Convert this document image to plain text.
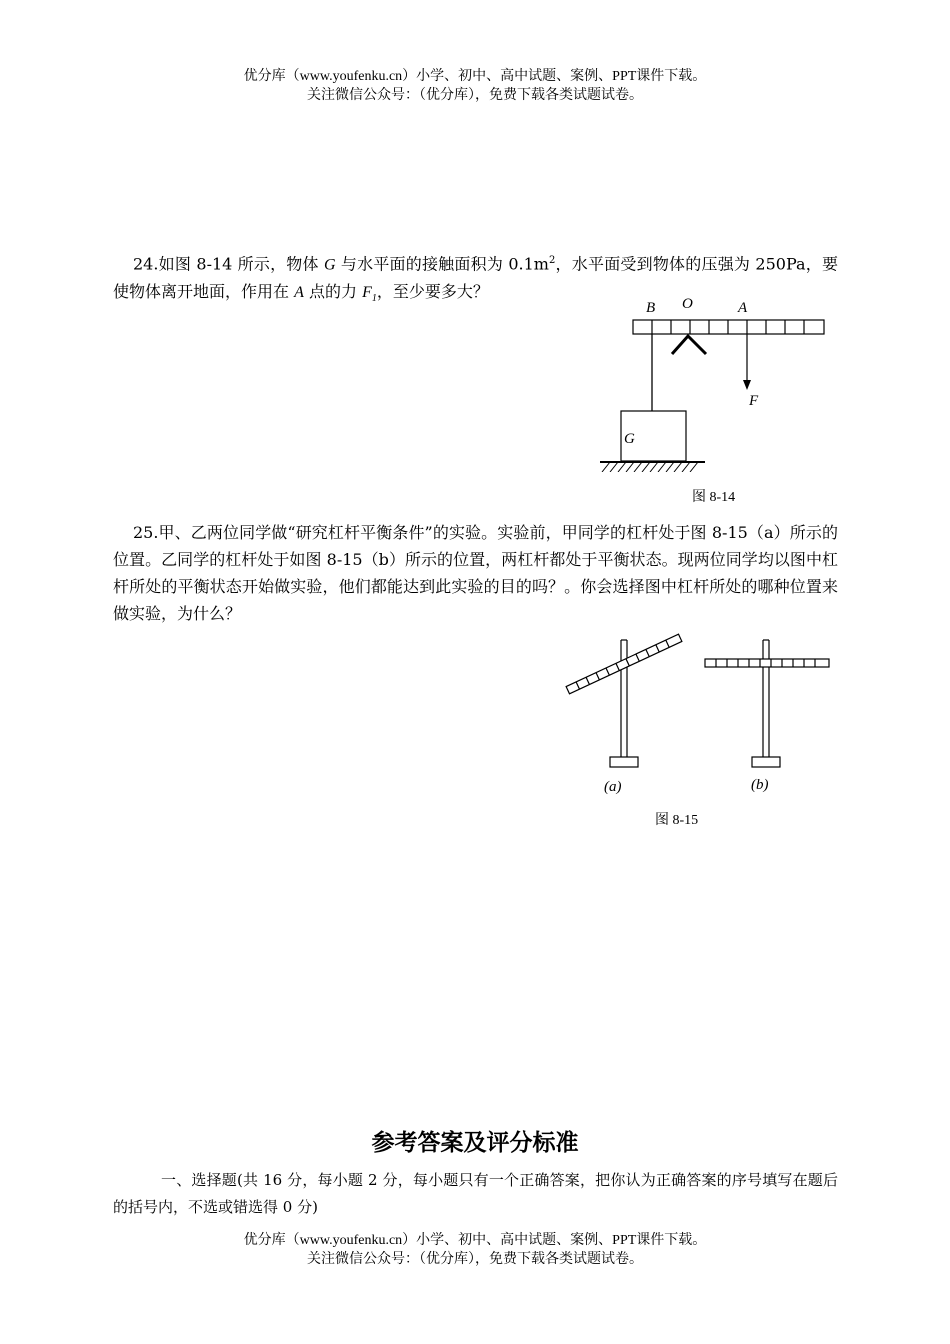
优分库（www.youfenku.cn）小学、初中、高中试题、案例、PPT课件下载。
关注微信公众号：（优分库），免费下载各类试题试卷。

24.如图 8-14 所示，物体 G 与水平面的接触面积为 $0.1m^2$，水平面受到物体的压强为 250Pa，要使物体离开地面，作用在 A 点的力 $F_1$，至少要多大？

B O	A
F
G
图 8-14

25.甲、乙两位同学做“研究杠杆平衡条件”的实验。实验前，甲同学的杠杆处于图 8-15（a）所示的位置。乙同学的杠杆处于如图 8-15（b）所示的位置，两杠杆都处于平衡状态。现两位同学均以图中杠杆所处的平衡状态开始做实验，他们都能达到此实验的目的吗？。你会选择图中杠杆所处的哪种位置来做实验，为什么？

(a)	(b)
图 8-15
参考答案及评分标准

一、选择题(共 16 分，每小题 2 分，每小题只有一个正确答案，把你认为正确答案的序号填写在题后的括号内，不选或错选得 0 分)

优分库（www.youfenku.cn）小学、初中、高中试题、案例、PPT课件下载。
关注微信公众号：（优分库），免费下载各类试题试卷。
